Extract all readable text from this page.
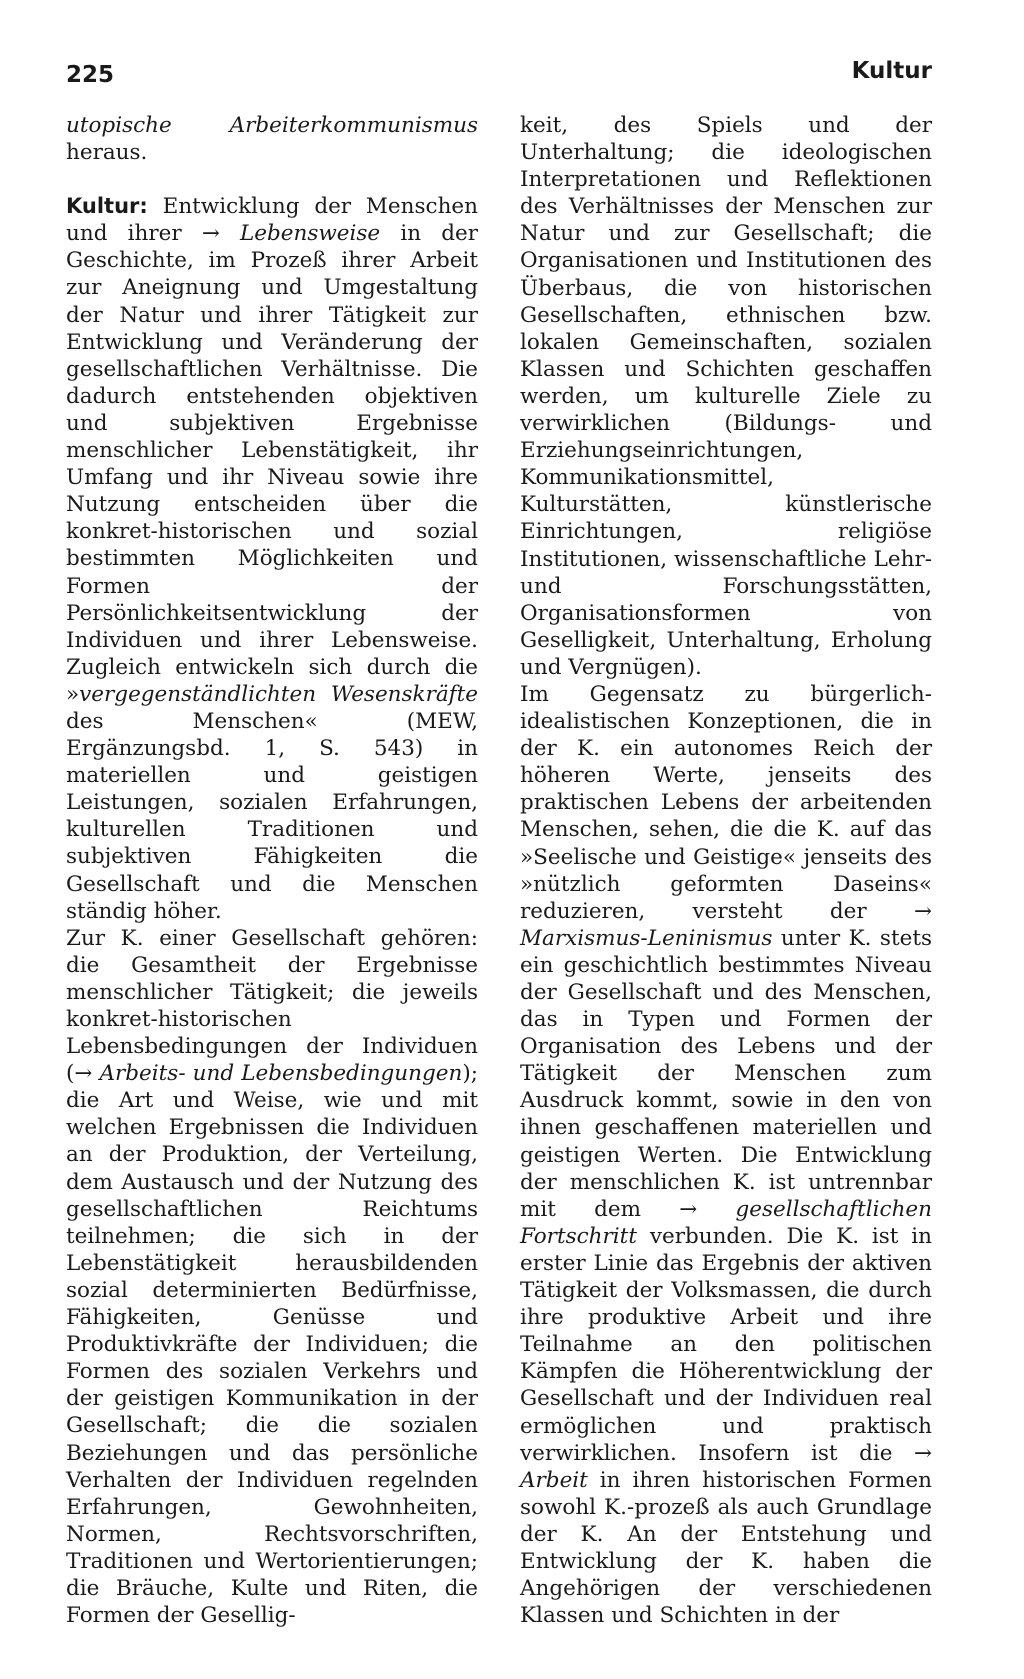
225	Kultur

utopische Arbeiterkommunismus heraus.

Kultur: Entwicklung der Menschen und ihrer → Lebensweise in der Geschichte, im Prozeß ihrer Arbeit zur Aneignung und Umgestaltung der Natur und ihrer Tätigkeit zur Entwicklung und Veränderung der gesellschaftlichen Verhältnisse. Die dadurch entstehenden objektiven und subjektiven Ergebnisse menschlicher Lebenstätigkeit, ihr Umfang und ihr Niveau sowie ihre Nutzung entscheiden über die konkret-historischen und sozial bestimmten Möglichkeiten und Formen der Persönlichkeitsentwicklung der Individuen und ihrer Lebensweise. Zugleich entwickeln sich durch die »vergegenständlichten Wesenskräfte des Menschen« (MEW, Ergänzungsbd. 1, S. 543) in materiellen und geistigen Leistungen, sozialen Erfahrungen, kulturellen Traditionen und subjektiven Fähigkeiten die Gesellschaft und die Menschen ständig höher.

Zur K. einer Gesellschaft gehören: die Gesamtheit der Ergebnisse menschlicher Tätigkeit; die jeweils konkret-historischen Lebensbedingungen der Individuen (→ Arbeits- und Lebensbedingungen); die Art und Weise, wie und mit welchen Ergebnissen die Individuen an der Produktion, der Verteilung, dem Austausch und der Nutzung des gesellschaftlichen Reichtums teilnehmen; die sich in der Lebenstätigkeit herausbildenden sozial determinierten Bedürfnisse, Fähigkeiten, Genüsse und Produktivkräfte der Individuen; die Formen des sozialen Verkehrs und der geistigen Kommunikation in der Gesellschaft; die die sozialen Beziehungen und das persönliche Verhalten der Individuen regelnden Erfahrungen, Gewohnheiten, Normen, Rechtsvorschriften, Traditionen und Wertorientierungen; die Bräuche, Kulte und Riten, die Formen der Gesellig-

keit, des Spiels und der Unterhaltung; die ideologischen Interpretationen und Reflektionen des Verhältnisses der Menschen zur Natur und zur Gesellschaft; die Organisationen und Institutionen des Überbaus, die von historischen Gesellschaften, ethnischen bzw. lokalen Gemeinschaften, sozialen Klassen und Schichten geschaffen werden, um kulturelle Ziele zu verwirklichen (Bildungs- und Erziehungseinrichtungen, Kommunikationsmittel, Kulturstätten, künstlerische Einrichtungen, religiöse Institutionen, wissenschaftliche Lehr- und Forschungsstätten, Organisationsformen von Geselligkeit, Unterhaltung, Erholung und Vergnügen).

Im Gegensatz zu bürgerlich-idealistischen Konzeptionen, die in der K. ein autonomes Reich der höheren Werte, jenseits des praktischen Lebens der arbeitenden Menschen, sehen, die die K. auf das »Seelische und Geistige« jenseits des »nützlich geformten Daseins« reduzieren, versteht der → Marxismus-Leninismus unter K. stets ein geschichtlich bestimmtes Niveau der Gesellschaft und des Menschen, das in Typen und Formen der Organisation des Lebens und der Tätigkeit der Menschen zum Ausdruck kommt, sowie in den von ihnen geschaffenen materiellen und geistigen Werten. Die Entwicklung der menschlichen K. ist untrennbar mit dem → gesellschaftlichen Fortschritt verbunden. Die K. ist in erster Linie das Ergebnis der aktiven Tätigkeit der Volksmassen, die durch ihre produktive Arbeit und ihre Teilnahme an den politischen Kämpfen die Höherentwicklung der Gesellschaft und der Individuen real ermöglichen und praktisch verwirklichen. Insofern ist die → Arbeit in ihren historischen Formen sowohl K.-prozeß als auch Grundlage der K. An der Entstehung und Entwicklung der K. haben die Angehörigen der verschiedenen Klassen und Schichten in der
